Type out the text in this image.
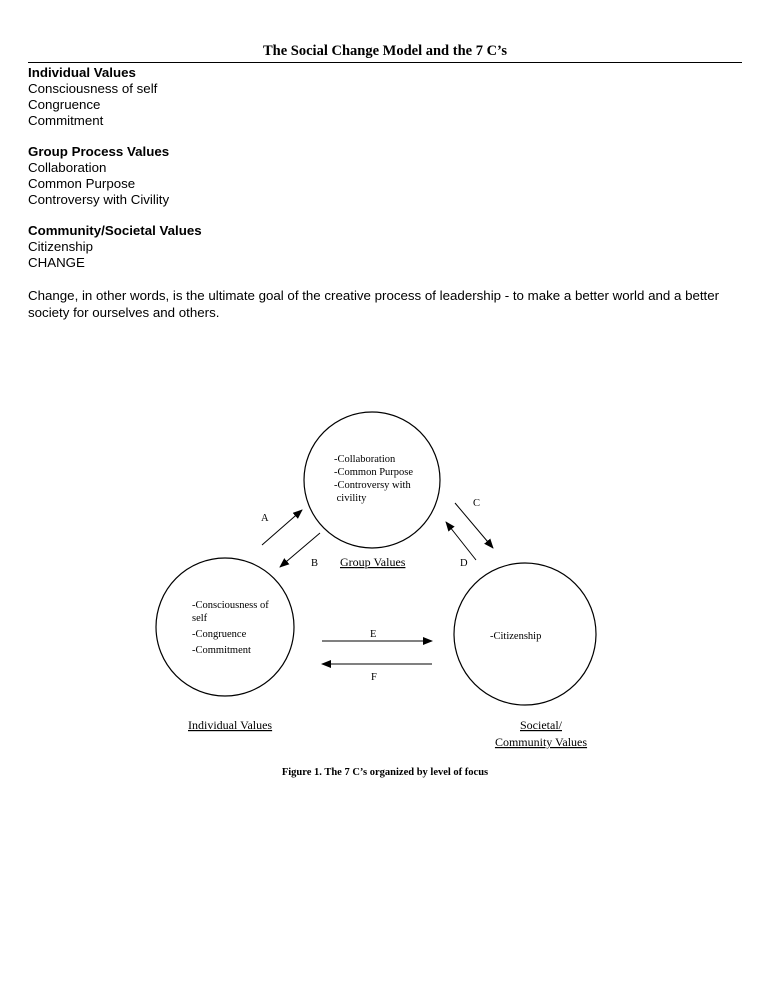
The Social Change Model and the 7 C’s
Individual Values
Consciousness of self
Congruence
Commitment
Group Process Values
Collaboration
Common Purpose
Controversy with Civility
Community/Societal Values
Citizenship
CHANGE
Change, in other words, is the ultimate goal of the creative process of leadership - to make a better world and a better society for ourselves and others.
-Collaboration
-Common Purpose
-Controversy with
civility
-Consciousness of
self
-Congruence
-Commitment
-Citizenship
A
B
C
D
E
F
Group Values
Individual Values	Societal/
Community Values
Figure 1. The 7 C’s organized by level of focus
